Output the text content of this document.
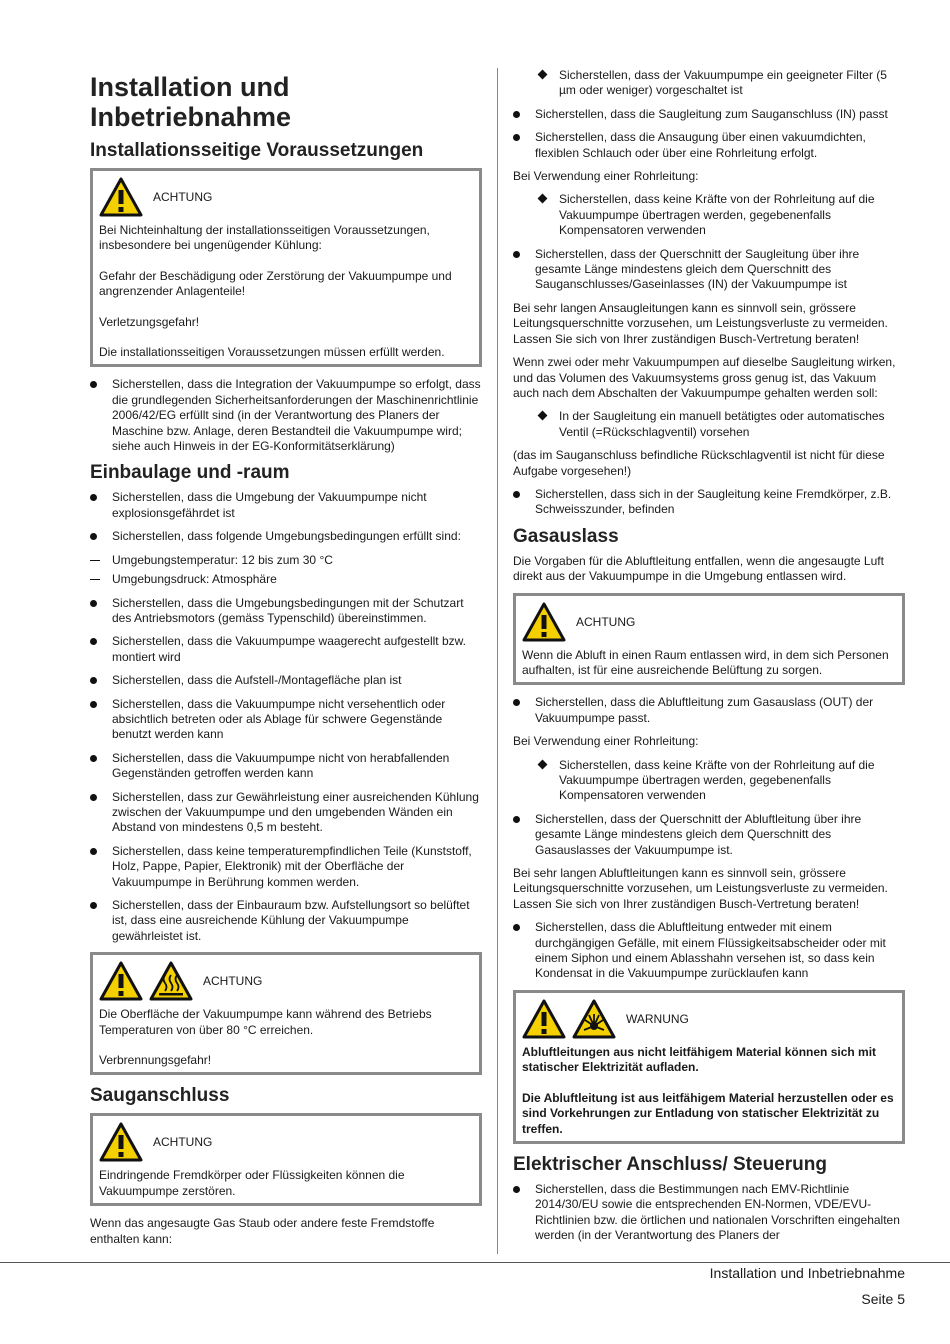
Installation und Inbetriebnahme
Installationsseitige Voraussetzungen
ACHTUNG

Bei Nichteinhaltung der installationsseitigen Voraussetzungen, insbesondere bei ungenügender Kühlung:

Gefahr der Beschädigung oder Zerstörung der Vakuumpumpe und angrenzender Anlagenteile!

Verletzungsgefahr!

Die installationsseitigen Voraussetzungen müssen erfüllt werden.

Sicherstellen, dass die Integration der Vakuumpumpe so erfolgt, dass die grundlegenden Sicherheitsanforderungen der Maschinenrichtlinie 2006/42/EG erfüllt sind (in der Verantwortung des Planers der Maschine bzw. Anlage, deren Bestandteil die Vakuumpumpe wird; siehe auch Hinweis in der EG-Konformitätserklärung)
Einbaulage und -raum
Sicherstellen, dass die Umgebung der Vakuumpumpe nicht explosionsgefährdet ist
Sicherstellen, dass folgende Umgebungsbedingungen erfüllt sind:
Umgebungstemperatur: 12 bis zum 30 °C
Umgebungsdruck: Atmosphäre
Sicherstellen, dass die Umgebungsbedingungen mit der Schutzart des Antriebsmotors (gemäss Typenschild) übereinstimmen.
Sicherstellen, dass die Vakuumpumpe waagerecht aufgestellt bzw. montiert wird
Sicherstellen, dass die Aufstell-/Montagefläche plan ist
Sicherstellen, dass die Vakuumpumpe nicht versehentlich oder absichtlich betreten oder als Ablage für schwere Gegenstände benutzt werden kann
Sicherstellen, dass die Vakuumpumpe nicht von herabfallenden Gegenständen getroffen werden kann
Sicherstellen, dass zur Gewährleistung einer ausreichenden Kühlung zwischen der Vakuumpumpe und den umgebenden Wänden ein Abstand von mindestens 0,5 m besteht.
Sicherstellen, dass keine temperaturempfindlichen Teile (Kunststoff, Holz, Pappe, Papier, Elektronik) mit der Oberfläche der Vakuumpumpe in Berührung kommen werden.
Sicherstellen, dass der Einbauraum bzw. Aufstellungsort so belüftet ist, dass eine ausreichende Kühlung der Vakuumpumpe gewährleistet ist.
ACHTUNG

Die Oberfläche der Vakuumpumpe kann während des Betriebs Temperaturen von über 80 °C erreichen.

Verbrennungsgefahr!

Sauganschluss
ACHTUNG

Eindringende Fremdkörper oder Flüssigkeiten können die Vakuumpumpe zerstören.

Wenn das angesaugte Gas Staub oder andere feste Fremdstoffe enthalten kann:

Sicherstellen, dass der Vakuumpumpe ein geeigneter Filter (5 µm oder weniger) vorgeschaltet ist
Sicherstellen, dass die Saugleitung zum Sauganschluss (IN) passt
Sicherstellen, dass die Ansaugung über einen vakuumdichten, flexiblen Schlauch oder über eine Rohrleitung erfolgt.

Bei Verwendung einer Rohrleitung:

Sicherstellen, dass keine Kräfte von der Rohrleitung auf die Vakuumpumpe übertragen werden, gegebenenfalls Kompensatoren verwenden
Sicherstellen, dass der Querschnitt der Saugleitung über ihre gesamte Länge mindestens gleich dem Querschnitt des Sauganschlusses/Gaseinlasses (IN) der Vakuumpumpe ist

Bei sehr langen Ansaugleitungen kann es sinnvoll sein, grössere Leitungsquerschnitte vorzusehen, um Leistungsverluste zu vermeiden. Lassen Sie sich von Ihrer zuständigen Busch-Vertretung beraten!

Wenn zwei oder mehr Vakuumpumpen auf dieselbe Saugleitung wirken, und das Volumen des Vakuumsystems gross genug ist, das Vakuum auch nach dem Abschalten der Vakuumpumpe gehalten werden soll:

In der Saugleitung ein manuell betätigtes oder automatisches Ventil (=Rückschlagventil) vorsehen

(das im Sauganschluss befindliche Rückschlagventil ist nicht für diese Aufgabe vorgesehen!)

Sicherstellen, dass sich in der Saugleitung keine Fremdkörper, z.B. Schweisszunder, befinden
Gasauslass

Die Vorgaben für die Abluftleitung entfallen, wenn die angesaugte Luft direkt aus der Vakuumpumpe in die Umgebung entlassen wird.

ACHTUNG

Wenn die Abluft in einen Raum entlassen wird, in dem sich Personen aufhalten, ist für eine ausreichende Belüftung zu sorgen.

Sicherstellen, dass die Abluftleitung zum Gasauslass (OUT) der Vakuumpumpe passt.

Bei Verwendung einer Rohrleitung:

Sicherstellen, dass keine Kräfte von der Rohrleitung auf die Vakuumpumpe übertragen werden, gegebenenfalls Kompensatoren verwenden
Sicherstellen, dass der Querschnitt der Abluftleitung über ihre gesamte Länge mindestens gleich dem Querschnitt des Gasauslasses der Vakuumpumpe ist.

Bei sehr langen Abluftleitungen kann es sinnvoll sein, grössere Leitungsquerschnitte vorzusehen, um Leistungsverluste zu vermeiden. Lassen Sie sich von Ihrer zuständigen Busch-Vertretung beraten!

Sicherstellen, dass die Abluftleitung entweder mit einem durchgängigen Gefälle, mit einem Flüssigkeitsabscheider oder mit einem Siphon und einem Ablasshahn versehen ist, so dass kein Kondensat in die Vakuumpumpe zurücklaufen kann
WARNUNG

Abluftleitungen aus nicht leitfähigem Material können sich mit statischer Elektrizität aufladen.

Die Abluftleitung ist aus leitfähigem Material herzustellen oder es sind Vorkehrungen zur Entladung von statischer Elektrizität zu treffen.

Elektrischer Anschluss/ Steuerung
Sicherstellen, dass die Bestimmungen nach EMV-Richtlinie 2014/30/EU sowie die entsprechenden EN-Normen, VDE/EVU-Richtlinien bzw. die örtlichen und nationalen Vorschriften eingehalten werden (in der Verantwortung des Planers der
Installation und Inbetriebnahme
Seite 5
